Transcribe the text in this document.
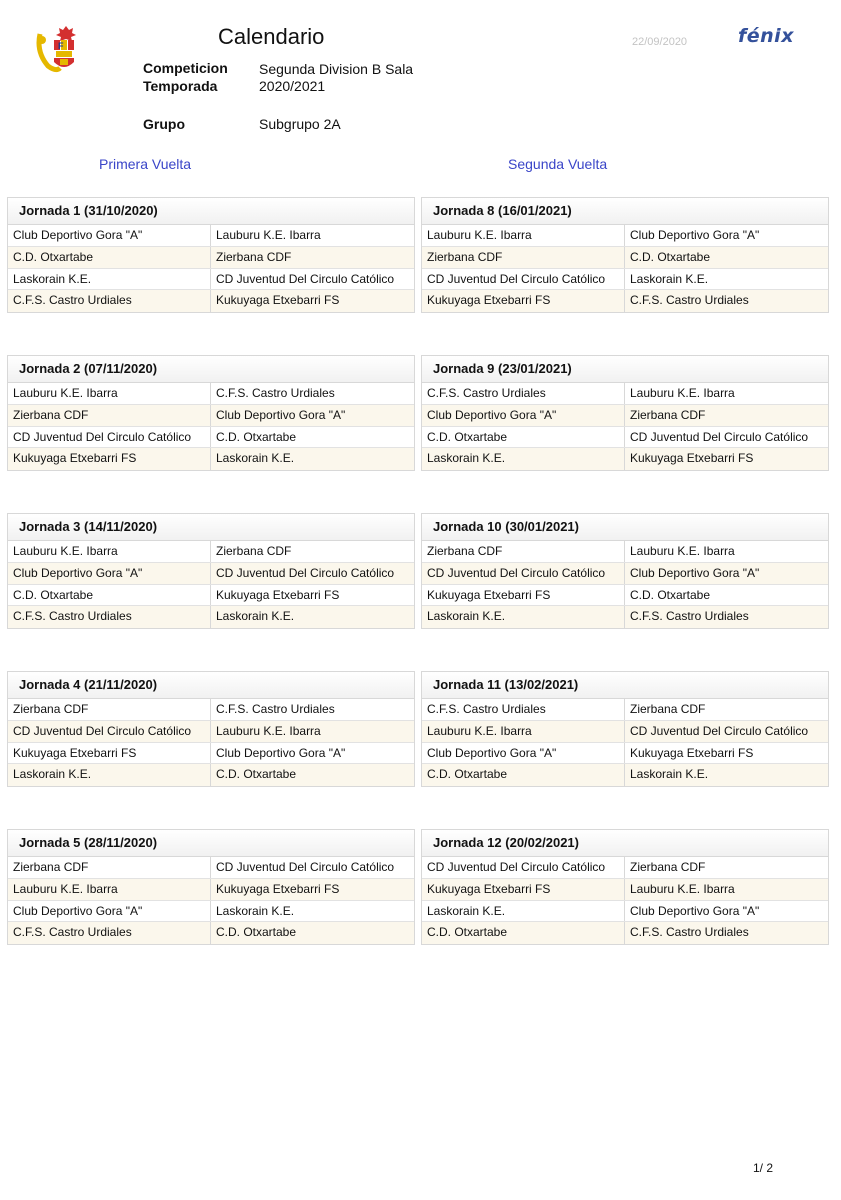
F	Calendario	22/09/2020	fénix
Competicion Segunda Division B Sala
Temporada	2020/2021
Grupo	Subgrupo 2A
Primera Vuelta	Segunda Vuelta
Jornada 1 (31/10/2020)
Club Deportivo Gora "A"	Lauburu K.E. Ibarra
C.D. Otxartabe	Zierbana CDF
Laskorain K.E.	CD Juventud Del Circulo Católico
C.F.S. Castro Urdiales	Kukuyaga Etxebarri FS
Jornada 8 (16/01/2021)
Lauburu K.E. Ibarra	Club Deportivo Gora "A"
Zierbana CDF	C.D. Otxartabe
CD Juventud Del Circulo Católico	Laskorain K.E.
Kukuyaga Etxebarri FS	C.F.S. Castro Urdiales
Jornada 2 (07/11/2020)
Lauburu K.E. Ibarra	C.F.S. Castro Urdiales
Zierbana CDF	Club Deportivo Gora "A"
CD Juventud Del Circulo Católico	C.D. Otxartabe
Kukuyaga Etxebarri FS	Laskorain K.E.
Jornada 9 (23/01/2021)
C.F.S. Castro Urdiales	Lauburu K.E. Ibarra
Club Deportivo Gora "A"	Zierbana CDF
C.D. Otxartabe	CD Juventud Del Circulo Católico
Laskorain K.E.	Kukuyaga Etxebarri FS
Jornada 3 (14/11/2020)
Lauburu K.E. Ibarra	Zierbana CDF
Club Deportivo Gora "A"	CD Juventud Del Circulo Católico
C.D. Otxartabe	Kukuyaga Etxebarri FS
C.F.S. Castro Urdiales	Laskorain K.E.
Jornada 10 (30/01/2021)
Zierbana CDF	Lauburu K.E. Ibarra
CD Juventud Del Circulo Católico	Club Deportivo Gora "A"
Kukuyaga Etxebarri FS	C.D. Otxartabe
Laskorain K.E.	C.F.S. Castro Urdiales
Jornada 4 (21/11/2020)
Zierbana CDF	C.F.S. Castro Urdiales
CD Juventud Del Circulo Católico	Lauburu K.E. Ibarra
Kukuyaga Etxebarri FS	Club Deportivo Gora "A"
Laskorain K.E.	C.D. Otxartabe
Jornada 11 (13/02/2021)
C.F.S. Castro Urdiales	Zierbana CDF
Lauburu K.E. Ibarra	CD Juventud Del Circulo Católico
Club Deportivo Gora "A"	Kukuyaga Etxebarri FS
C.D. Otxartabe	Laskorain K.E.
Jornada 5 (28/11/2020)
Zierbana CDF	CD Juventud Del Circulo Católico
Lauburu K.E. Ibarra	Kukuyaga Etxebarri FS
Club Deportivo Gora "A"	Laskorain K.E.
C.F.S. Castro Urdiales	C.D. Otxartabe
Jornada 12 (20/02/2021)
CD Juventud Del Circulo Católico	Zierbana CDF
Kukuyaga Etxebarri FS	Lauburu K.E. Ibarra
Laskorain K.E.	Club Deportivo Gora "A"
C.D. Otxartabe	C.F.S. Castro Urdiales
1/ 2
